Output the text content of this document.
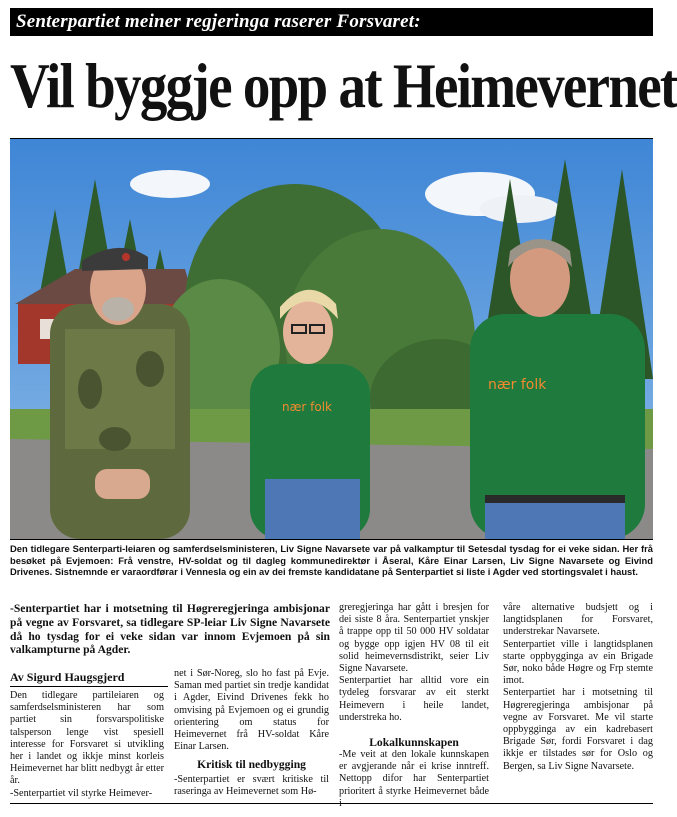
Senterpartiet meiner regjeringa raserer Forsvaret:
Vil byggje opp at Heimevernet
nær folk
nær folk
Den tidlegare Senterparti-leiaren og samferdselsministeren, Liv Signe Navarsete var på valkamptur til Setesdal tysdag for ei veke sidan. Her frå besøket på Evjemoen: Frå venstre, HV-soldat og til dagleg kommunedirektør i Åseral, Kåre Einar Larsen, Liv Signe Navarsete og Eivind Drivenes. Sistnemnde er varaordførar i Vennesla og ein av dei fremste kandidatane på Senterpartiet si liste i Agder ved stortingsvalet i haust.
-Senterpartiet har i motsetning til Høgreregjeringa ambisjonar på vegne av Forsvaret, sa tidlegare SP-leiar Liv Signe Navarsete då ho tysdag for ei veke sidan var innom Evjemoen på sin valkampturne på Agder.
Av Sigurd Haugsgjerd

Den tidlegare partileiaren og samferdselsministeren har som partiet sin forsvarspolitiske talsperson lenge vist spesiell interesse for Forsvaret si utvikling her i landet og ikkje minst korleis Heimevernet har blitt nedbygt år etter år.

-Senterpartiet vil styrke Heimever-

net i Sør-Noreg, slo ho fast på Evje. Saman med partiet sin tredje kandidat i Agder, Eivind Drivenes fekk ho omvising på Evjemoen og ei grundig orientering om status for Heimevernet frå HV-soldat Kåre Einar Larsen.

Kritisk til nedbygging

-Senterpartiet er svært kritiske til raseringa av Heimevernet som Hø-

greregjeringa har gått i bresjen for dei siste 8 åra. Senterpartiet ynskjer å trappe opp til 50 000 HV soldatar og bygge opp igjen HV 08 til eit solid heimevernsdistrikt, seier Liv Signe Navarsete.

Senterpartiet har alltid vore ein tydeleg forsvarar av eit sterkt Heimevern i heile landet, understreka ho.

Lokalkunnskapen

-Me veit at den lokale kunnskapen er avgjerande når ei krise inntreff. Nettopp difor har Senterpartiet prioritert å styrke Heimevernet både

våre alternative budsjett og i langtidsplanen for Forsvaret, understrekar Navarsete.

Senterpartiet ville i langtidsplanen starte oppbygginga av ein Brigade Sør, noko både Høgre og Frp stemte imot.

Senterpartiet har i motsetning til Høgreregjeringa ambisjonar på vegne av Forsvaret. Me vil starte oppbygginga av ein kadrebasert Brigade Sør, fordi Forsvaret i dag ikkje er tilstades sør for Oslo og Bergen, sa Liv Signe Navarsete.
